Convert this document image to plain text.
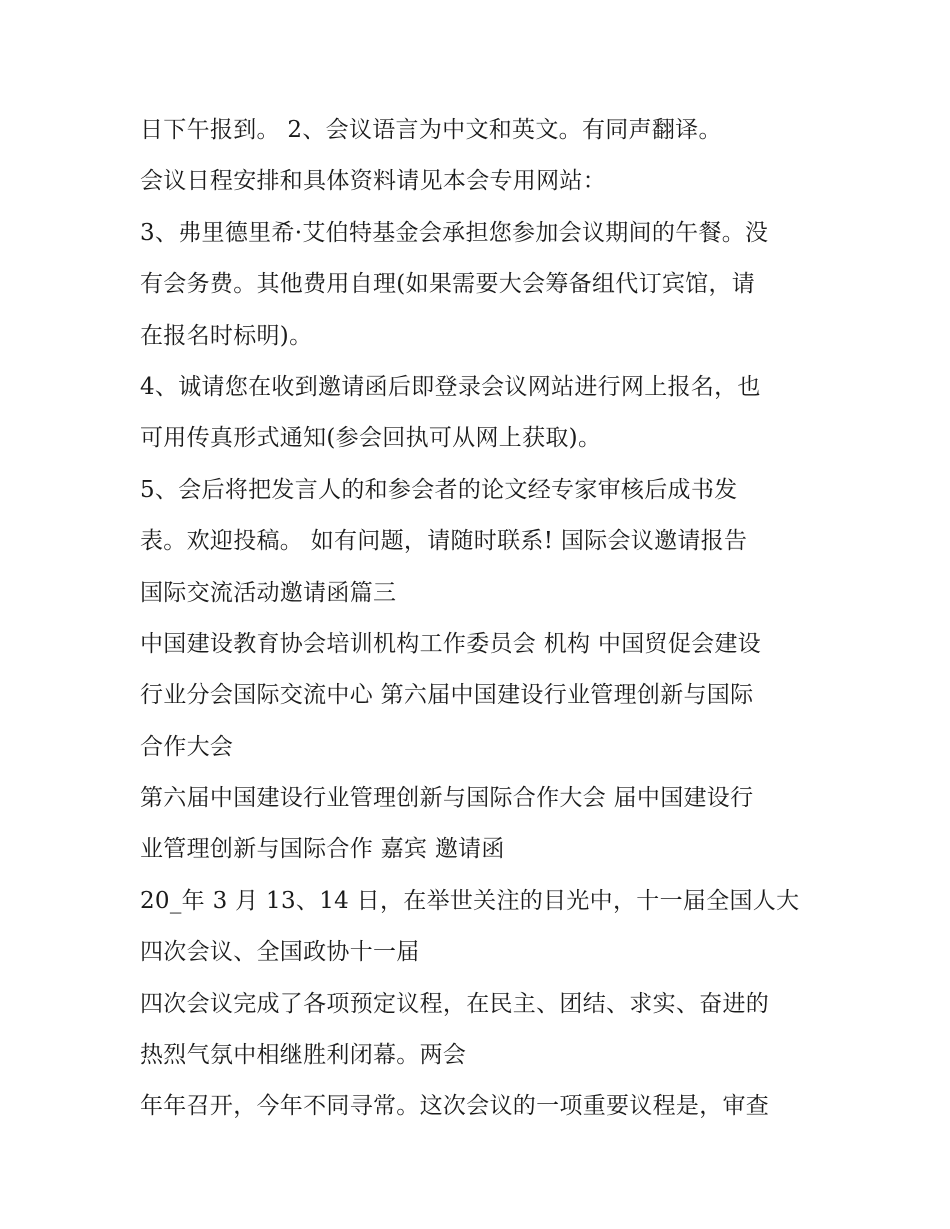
日下午报到。 2、会议语言为中文和英文。有同声翻译。
会议日程安排和具体资料请见本会专用网站：
3、弗里德里希·艾伯特基金会承担您参加会议期间的午餐。没
有会务费。其他费用自理(如果需要大会筹备组代订宾馆，请
在报名时标明)。
4、诚请您在收到邀请函后即登录会议网站进行网上报名，也
可用传真形式通知(参会回执可从网上获取)。
5、会后将把发言人的和参会者的论文经专家审核后成书发
表。欢迎投稿。 如有问题，请随时联系! 国际会议邀请报告
国际交流活动邀请函篇三
中国建设教育协会培训机构工作委员会 机构 中国贸促会建设
行业分会国际交流中心 第六届中国建设行业管理创新与国际
合作大会
第六届中国建设行业管理创新与国际合作大会 届中国建设行
业管理创新与国际合作 嘉宾 邀请函
20_年 3 月 13、14 日，在举世关注的目光中，十一届全国人大
四次会议、全国政协十一届
四次会议完成了各项预定议程，在民主、团结、求实、奋进的
热烈气氛中相继胜利闭幕。两会
年年召开，今年不同寻常。这次会议的一项重要议程是，审查
